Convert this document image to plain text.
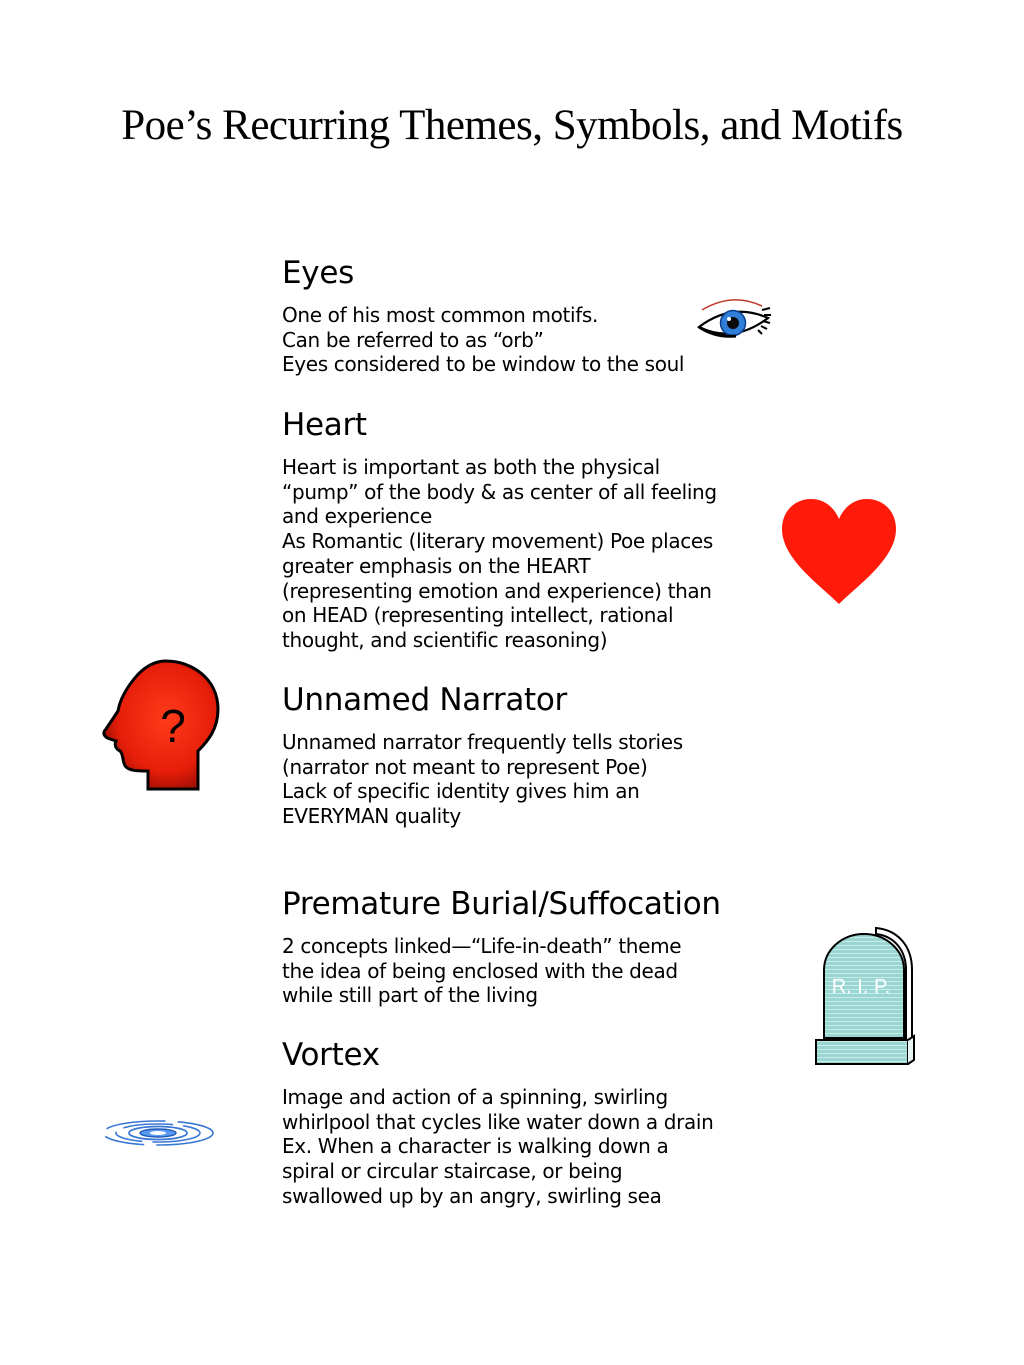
Poe’s Recurring Themes, Symbols, and Motifs
Eyes
One of his most common motifs.
Can be referred to as “orb”
Eyes considered to be window to the soul
Heart
Heart is important as both the physical
“pump” of the body & as center of all feeling
and experience
As Romantic (literary movement) Poe places
greater emphasis on the HEART
(representing emotion and experience) than
on HEAD (representing intellect, rational
thought, and scientific reasoning)
Unnamed Narrator
Unnamed narrator frequently tells stories
(narrator not meant to represent Poe)
Lack of specific identity gives him an
EVERYMAN quality
Premature Burial/Suffocation
2 concepts linked—“Life-in-death” theme
the idea of being enclosed with the dead
while still part of the living
Vortex
Image and action of a spinning, swirling
whirlpool that cycles like water down a drain
Ex. When a character is walking down a
spiral or circular staircase, or being
swallowed up by an angry, swirling sea
?
R. I. P.
